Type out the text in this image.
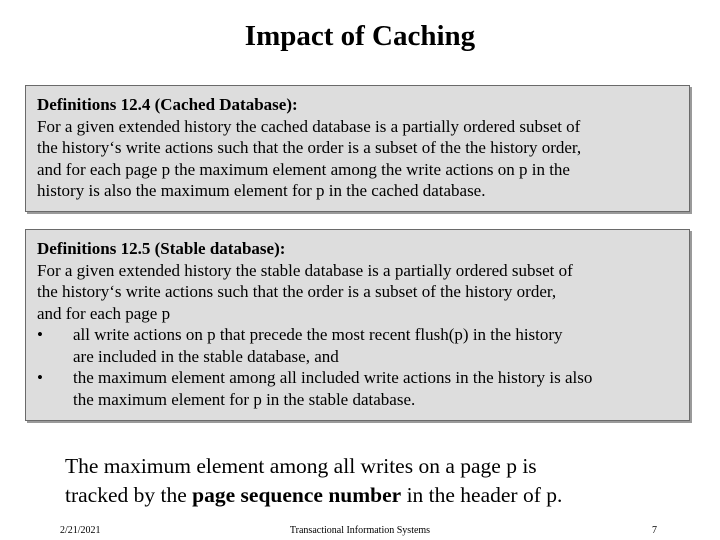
Impact of Caching
Definitions 12.4 (Cached Database):
For a given extended history the cached database is a partially ordered subset of
the history‘s write actions such that the order is a subset of the the history order,
and for each page p the maximum element among the write actions on p in the
history is also the maximum element for p in the cached database.
Definitions 12.5 (Stable database):
For a given extended history the stable database is a partially ordered subset of
the history‘s write actions such that the order is a subset of the history order,
and for each page p
•	all write actions on p that precede the most recent flush(p) in the history
are included in the stable database, and
•	the maximum element among all included write actions in the history is also
the maximum element for p in the stable database.
The maximum element among all writes on a page p is
tracked by the page sequence number in the header of p.
2/21/2021	Transactional Information Systems	7
